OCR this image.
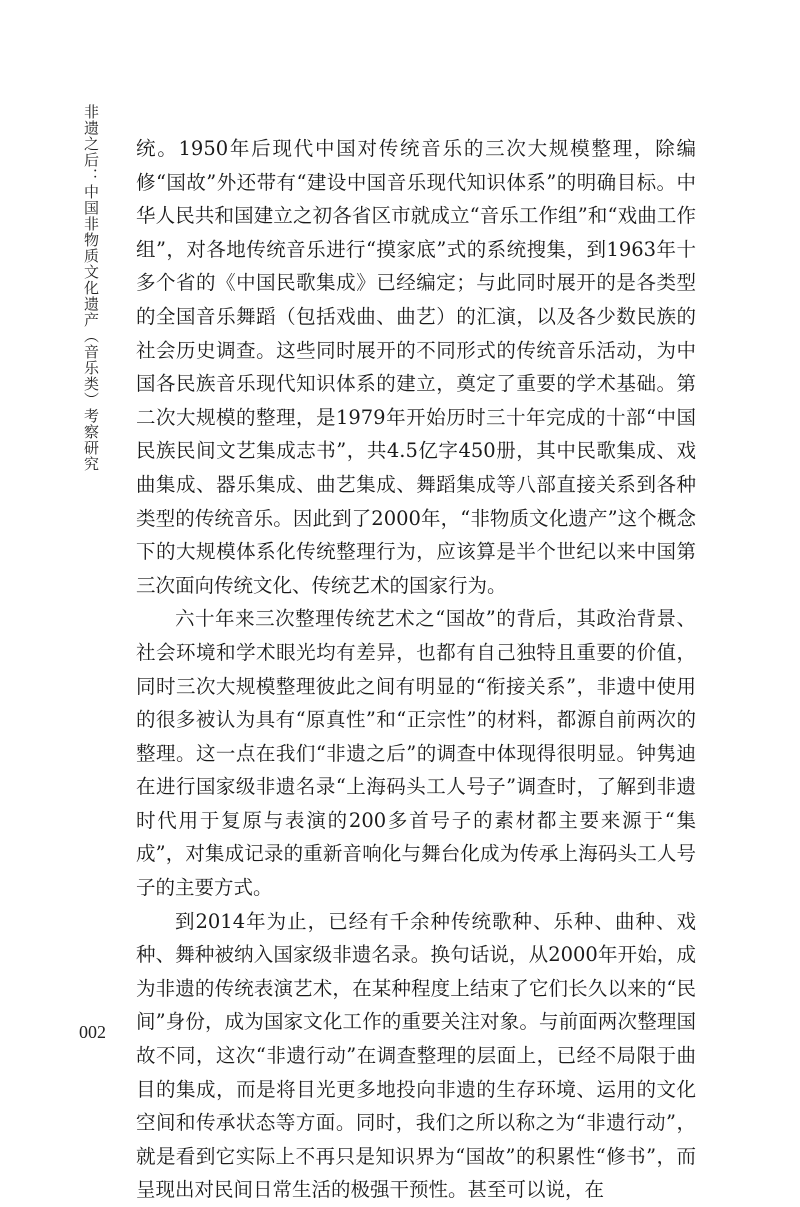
非遗之后：中国非物质文化遗产（音乐类）考察研究 统。1950年后现代中国对传统音乐的三次大规模整理，除编修“国故”外还带有“建设中国音乐现代知识体系”的明确目标。中华人民共和国建立之初各省区市就成立“音乐工作组”和“戏曲工作组”，对各地传统音乐进行“摸家底”式的系统搜集，到1963年十多个省的《中国民歌集成》已经编定；与此同时展开的是各类型的全国音乐舞蹈（包括戏曲、曲艺）的汇演，以及各少数民族的社会历史调查。这些同时展开的不同形式的传统音乐活动，为中国各民族音乐现代知识体系的建立，奠定了重要的学术基础。第二次大规模的整理，是1979年开始历时三十年完成的十部“中国民族民间文艺集成志书”，共4.5亿字450册，其中民歌集成、戏曲集成、器乐集成、曲艺集成、舞蹈集成等八部直接关系到各种类型的传统音乐。因此到了2000年，“非物质文化遗产”这个概念下的大规模体系化传统整理行为，应该算是半个世纪以来中国第三次面向传统文化、传统艺术的国家行为。

六十年来三次整理传统艺术之“国故”的背后，其政治背景、社会环境和学术眼光均有差异，也都有自己独特且重要的价值，同时三次大规模整理彼此之间有明显的“衔接关系”，非遗中使用的很多被认为具有“原真性”和“正宗性”的材料，都源自前两次的整理。这一点在我们“非遗之后”的调查中体现得很明显。钟隽迪在进行国家级非遗名录“上海码头工人号子”调查时，了解到非遗时代用于复原与表演的200多首号子的素材都主要来源于“集成”，对集成记录的重新音响化与舞台化成为传承上海码头工人号子的主要方式。

到2014年为止，已经有千余种传统歌种、乐种、曲种、戏种、舞种被纳入国家级非遗名录。换句话说，从2000年开始，成为非遗的传统表演艺术，在某种程度上结束了它们长久以来的“民间”身份，成为国家文化工作的重要关注对象。与前面两次整理国故不同，这次“非遗行动”在调查整理的层面上，已经不局限于曲目的集成，而是将目光更多地投向非遗的生存环境、运用的文化空间和传承状态等方面。同时，我们之所以称之为“非遗行动”，就是看到它实际上不再只是知识界为“国故”的积累性“修书”，而呈现出对民间日常生活的极强干预性。甚至可以说，在

002
